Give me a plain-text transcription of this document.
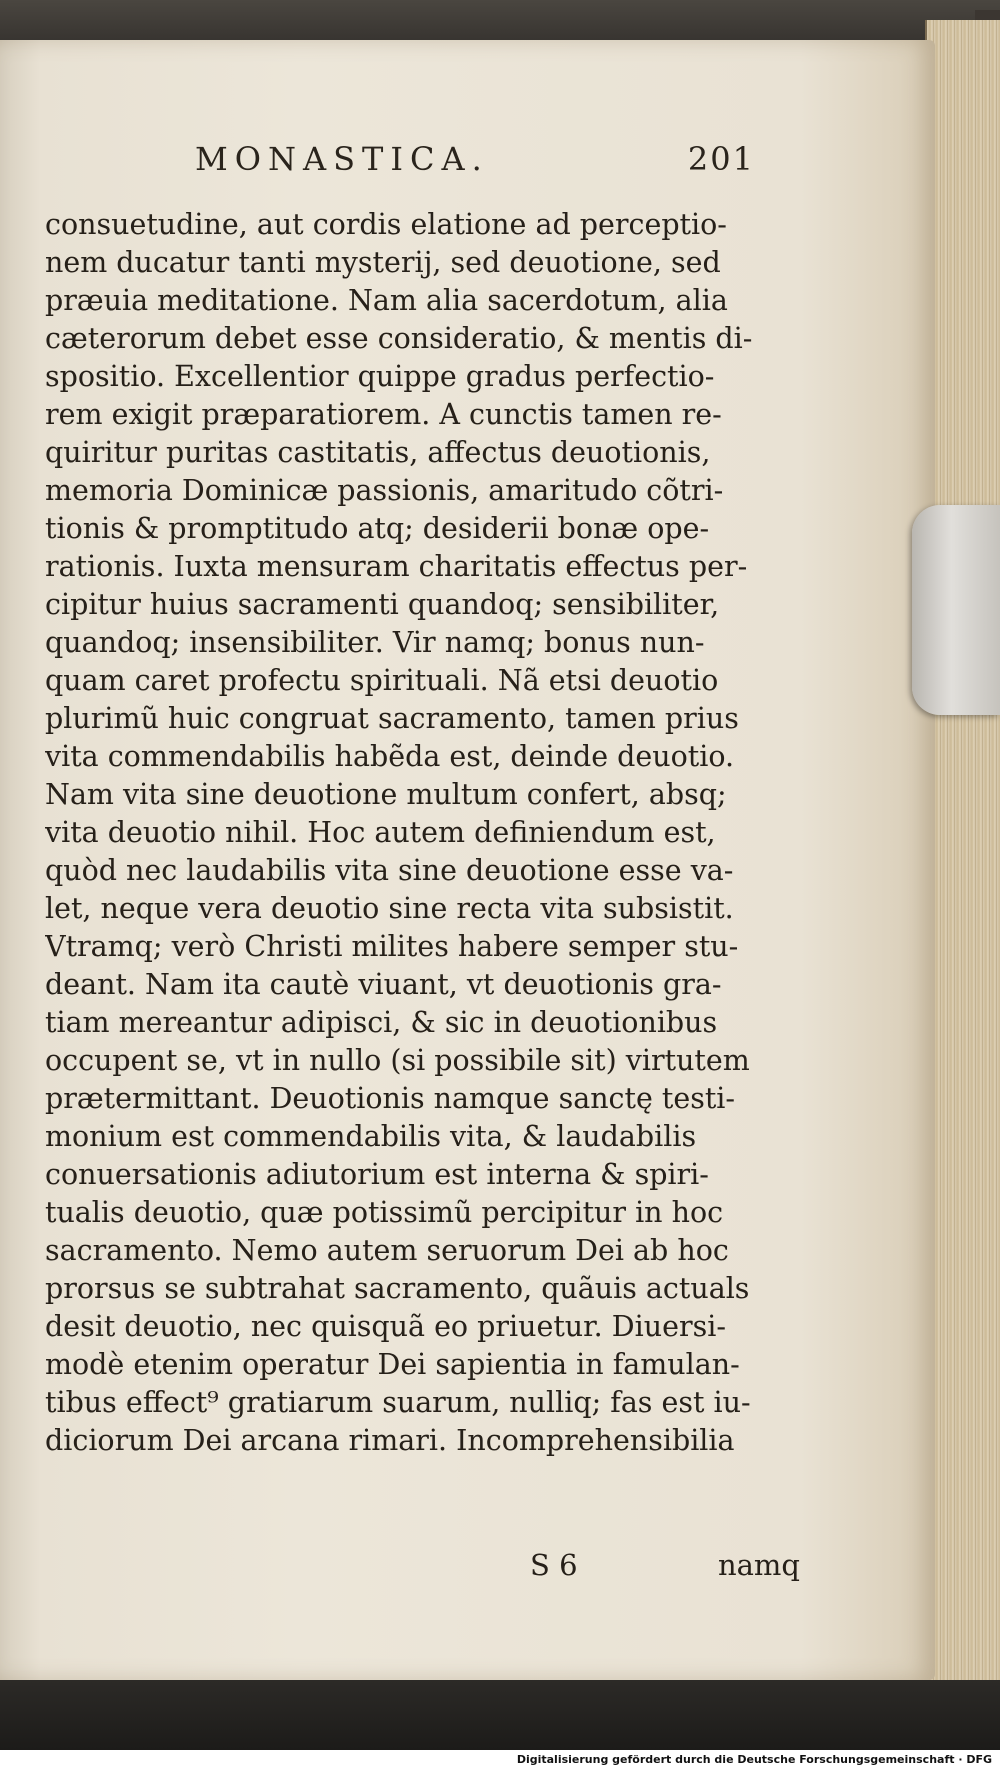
MONASTICA.	201
consuetudine, aut cordis elatione ad perceptio-
nem ducatur tanti mysterij, sed deuotione, sed
præuia meditatione. Nam alia sacerdotum, alia
cæterorum debet esse consideratio, & mentis di-
spositio. Excellentior quippe gradus perfectio-
rem exigit præparatiorem. A cunctis tamen re-
quiritur puritas castitatis, affectus deuotionis,
memoria Dominicæ passionis, amaritudo cõtri-
tionis & promptitudo atq; desiderii bonæ ope-
rationis. Iuxta mensuram charitatis effectus per-
cipitur huius sacramenti quandoq; sensibiliter,
quandoq; insensibiliter. Vir namq; bonus nun-
quam caret profectu spirituali. Nã etsi deuotio
plurimũ huic congruat sacramento, tamen prius
vita commendabilis habẽda est, deinde deuotio.
Nam vita sine deuotione multum confert, absq;
vita deuotio nihil. Hoc autem definiendum est,
quòd nec laudabilis vita sine deuotione esse va-
let, neque vera deuotio sine recta vita subsistit.
Vtramq; verò Christi milites habere semper stu-
deant. Nam ita cautè viuant, vt deuotionis gra-
tiam mereantur adipisci, & sic in deuotionibus
occupent se, vt in nullo (si possibile sit) virtutem
prætermittant. Deuotionis namque sanctę testi-
monium est commendabilis vita, & laudabilis
conuersationis adiutorium est interna & spiri-
tualis deuotio, quæ potissimũ percipitur in hoc
sacramento. Nemo autem seruorum Dei ab hoc
prorsus se subtrahat sacramento, quãuis actuals
desit deuotio, nec quisquã eo priuetur. Diuersi-
modè etenim operatur Dei sapientia in famulan-
tibus effect⁹ gratiarum suarum, nulliq; fas est iu-
diciorum Dei arcana rimari. Incomprehensibilia
S 6	namq
Digitalisierung gefördert durch die Deutsche Forschungsgemeinschaft · DFG
